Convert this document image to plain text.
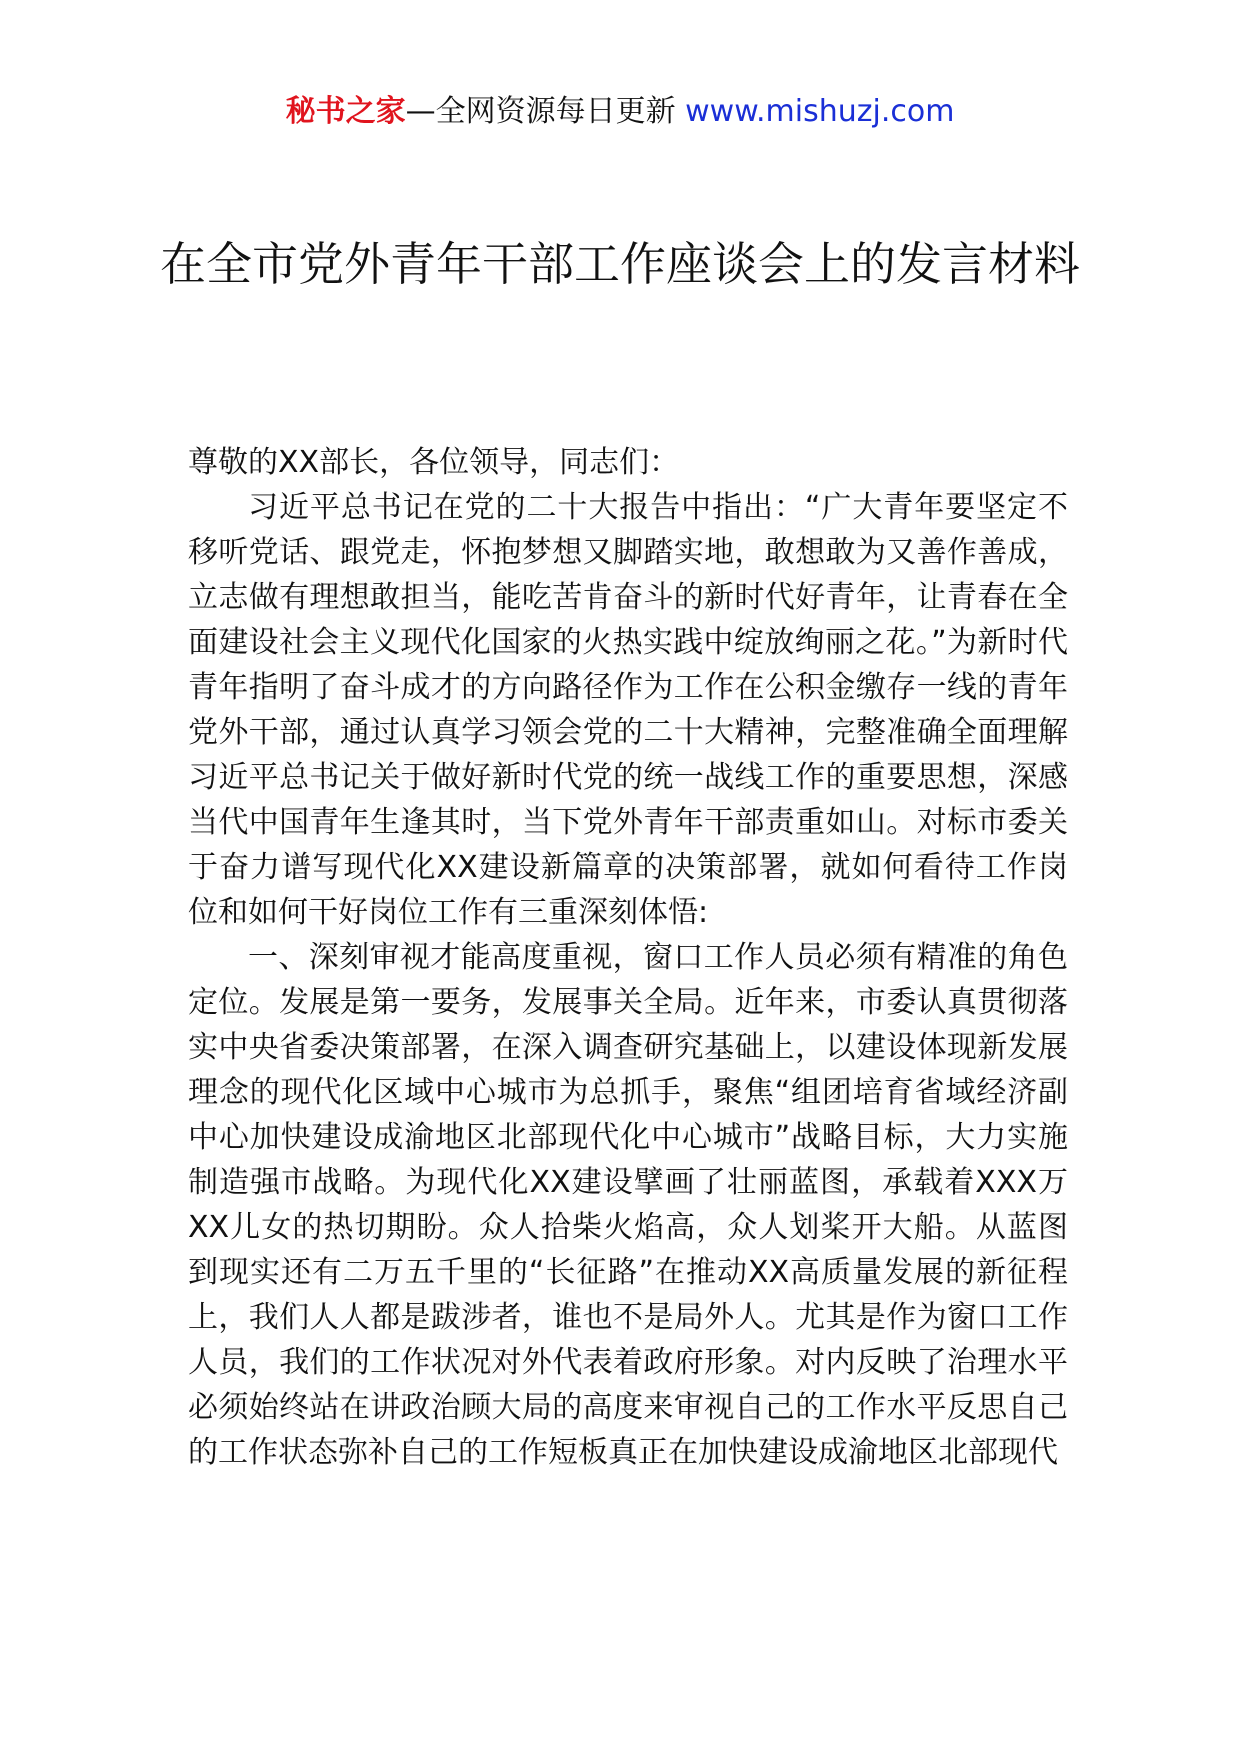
秘书之家—全网资源每日更新 www.mishuzj.com
在全市党外青年干部工作座谈会上的发言材料

尊敬的XX部长，各位领导，同志们：

习近平总书记在党的二十大报告中指出：“广大青年要坚定不移听党话、跟党走，怀抱梦想又脚踏实地，敢想敢为又善作善成，立志做有理想敢担当，能吃苦肯奋斗的新时代好青年，让青春在全面建设社会主义现代化国家的火热实践中绽放绚丽之花。”为新时代青年指明了奋斗成才的方向路径作为工作在公积金缴存一线的青年党外干部，通过认真学习领会党的二十大精神，完整准确全面理解习近平总书记关于做好新时代党的统一战线工作的重要思想，深感当代中国青年生逢其时，当下党外青年干部责重如山。对标市委关于奋力谱写现代化XX建设新篇章的决策部署，就如何看待工作岗位和如何干好岗位工作有三重深刻体悟:

一、深刻审视才能高度重视，窗口工作人员必须有精准的角色定位。发展是第一要务，发展事关全局。近年来，市委认真贯彻落实中央省委决策部署，在深入调查研究基础上，以建设体现新发展理念的现代化区域中心城市为总抓手，聚焦“组团培育省域经济副中心加快建设成渝地区北部现代化中心城市”战略目标，大力实施制造强市战略。为现代化XX建设擘画了壮丽蓝图，承载着XXX万XX儿女的热切期盼。众人拾柴火焰高，众人划桨开大船。从蓝图到现实还有二万五千里的“长征路”在推动XX高质量发展的新征程上，我们人人都是跋涉者，谁也不是局外人。尤其是作为窗口工作人员，我们的工作状况对外代表着政府形象。对内反映了治理水平必须始终站在讲政治顾大局的高度来审视自己的工作水平反思自己的工作状态弥补自己的工作短板真正在加快建设成渝地区北部现代
